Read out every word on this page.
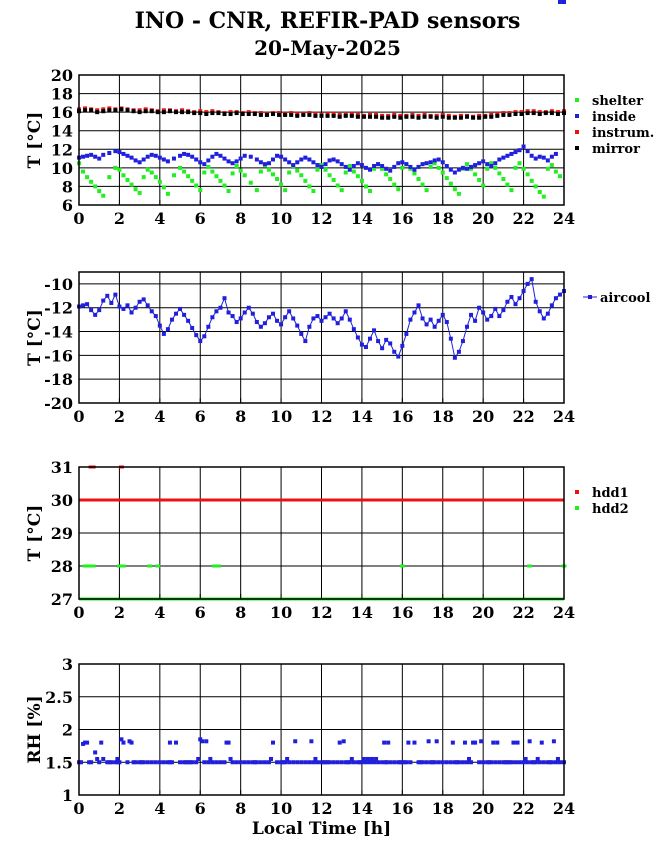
INO - CNR, REFIR-PAD sensors
20-May-2025
0 2 4 6 8 10 12 14 16 18 20 22 24
6
8
10
12
14
16
18
20
T [°C]
shelter
inside
instrum.
mirror
0 2 4 6 8 10 12 14 16 18 20 22 24
-20
-18
-16
-14
-12
-10
T [°C]
aircool
0 2 4 6 8 10 12 14 16 18 20 22 24
27
28
29
30
31
T [°C]
hdd1
hdd2
0 2 4 6 8 10 12 14 16 18 20 22 24
1
1.5
2
2.5
3
RH [%]
Local Time [h]
